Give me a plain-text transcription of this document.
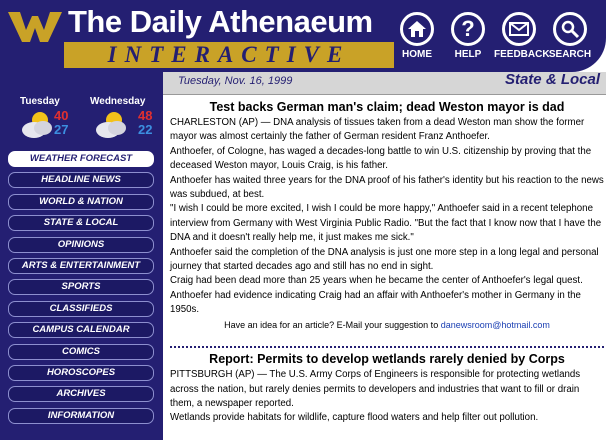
The Daily Athenaeum
INTERACTIVE	HOME
?
HELP	FEEDBACK SEARCH
Tuesday, Nov. 16, 1999	State & Local
Tuesday	Wednesday
40
27
48
22
WEATHER FORECAST
HEADLINE NEWS
WORLD & NATION
STATE & LOCAL
OPINIONS
ARTS & ENTERTAINMENT
SPORTS
CLASSIFIEDS
CAMPUS CALENDAR
COMICS
HOROSCOPES
ARCHIVES
INFORMATION
Test backs German man's claim; dead Weston mayor is dad

CHARLESTON (AP) — DNA analysis of tissues taken from a dead Weston man show the former mayor was almost certainly the father of German resident Franz Anthoefer.

Anthoefer, of Cologne, has waged a decades-long battle to win U.S. citizenship by proving that the deceased Weston mayor, Louis Craig, is his father.

Anthoefer has waited three years for the DNA proof of his father's identity but his reaction to the news was subdued, at best.

"I wish I could be more excited, I wish I could be more happy," Anthoefer said in a recent telephone interview from Germany with West Virginia Public Radio. "But the fact that I know now that I have the DNA and it doesn't really help me, it just makes me sick."

Anthoefer said the completion of the DNA analysis is just one more step in a long legal and personal journey that started decades ago and still has no end in sight.

Craig had been dead more than 25 years when he became the center of Anthoefer's legal quest. Anthoefer had evidence indicating Craig had an affair with Anthoefer's mother in Germany in the 1950s.

Have an idea for an article? E-Mail your suggestion to danewsroom@hotmail.com
Report: Permits to develop wetlands rarely denied by Corps

PITTSBURGH (AP) — The U.S. Army Corps of Engineers is responsible for protecting wetlands across the nation, but rarely denies permits to developers and industries that want to fill or drain them, a newspaper reported.

Wetlands provide habitats for wildlife, capture flood waters and help filter out pollution.
